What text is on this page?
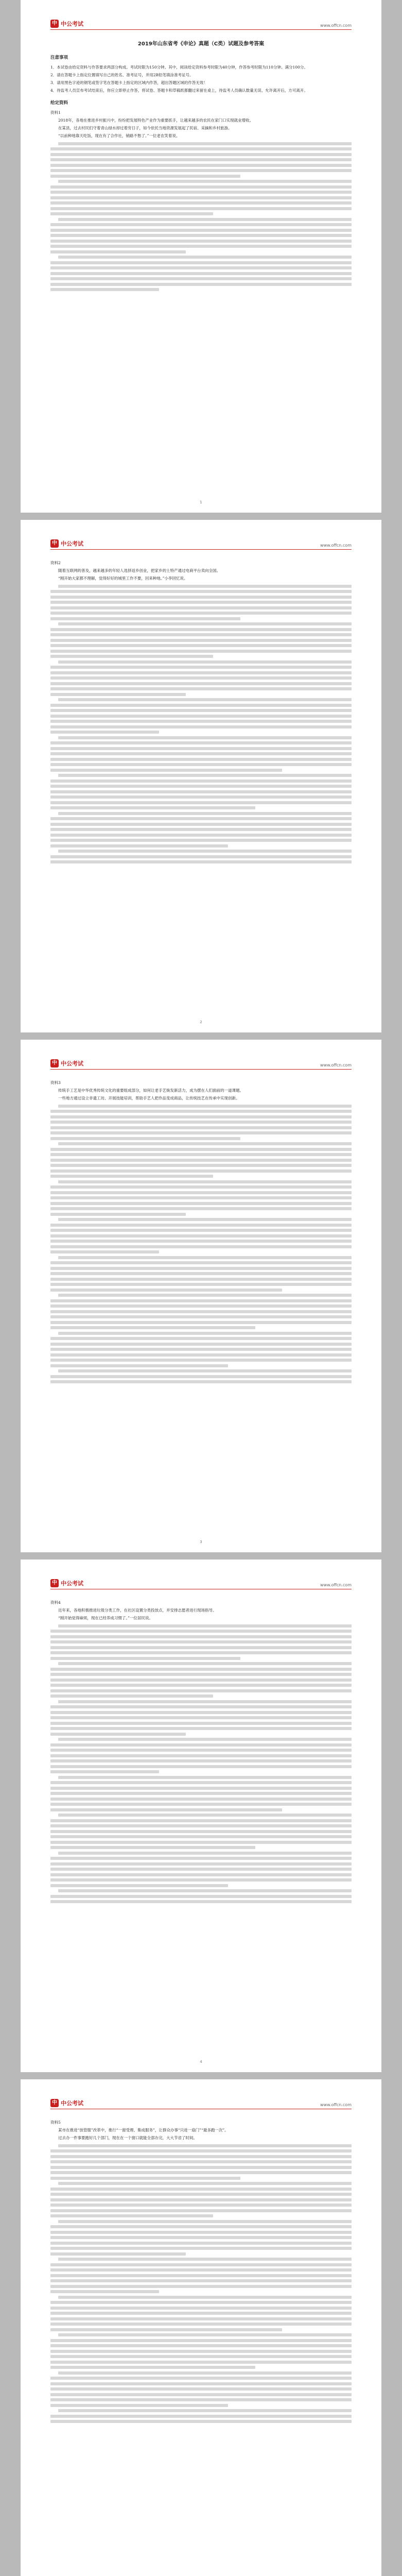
中 中公考试	www.offcn.com
2019年山东省考《申论》真题（C类）试题及参考答案
注意事项

1．本试卷由给定资料与作答要求两部分构成。考试时限为150分钟。其中，阅读给定资料参考时限为40分钟，作答参考时限为110分钟。满分100分。

2．请在答题卡上指定位置填写自己的姓名、准考证号，并用2B铅笔填涂准考证号。

3．请用黑色字迹的钢笔或签字笔在答题卡上指定的区域内作答，超出答题区域的作答无效！

4．待监考人员宣布考试结束后，你应立即停止作答，将试卷、答题卡和草稿纸都翻过来留在桌上，待监考人员确认数量无误、允许离开后，方可离开。

给定资料

资料1

2018年，各地在推进乡村振兴中，纷纷把发展特色产业作为重要抓手，让越来越多的农民在家门口实现就业增收。

在某县，过去村民们守着青山绿水却过着穷日子，如今依托当地资源发展起了民宿、采摘和乡村旅游。

“以前种地靠天吃饭，现在有了合作社，销路不愁了。”一位老农笑着说。

1
中 中公考试	www.offcn.com

资料2

随着互联网的普及，越来越多的年轻人选择返乡创业，把家乡的土特产通过电商平台卖向全国。

“刚开始大家都不理解，觉得好好的城里工作不要，回来种地。”小李回忆说。

2
中 中公考试	www.offcn.com

资料3

传统手工艺是中华优秀传统文化的重要组成部分，如何让老手艺焕发新活力，成为摆在人们面前的一道课题。

一些地方通过设立非遗工坊、开展技能培训，帮助手艺人把作品变成商品，让传统技艺在传承中实现创新。

3
中 中公考试	www.offcn.com

资料4

近年来，各地积极推进垃圾分类工作，在社区设置分类投放点，并安排志愿者进行现场指导。

“刚开始觉得麻烦，现在已经养成习惯了。”一位居民说。

4
中 中公考试	www.offcn.com

资料5

某市在推进“放管服”改革中，推行“一窗受理、集成服务”，让群众办事“只进一扇门”“最多跑一次”。

过去办一件事要跑好几个部门，现在在一个窗口就能全部办完，大大节省了时间。
